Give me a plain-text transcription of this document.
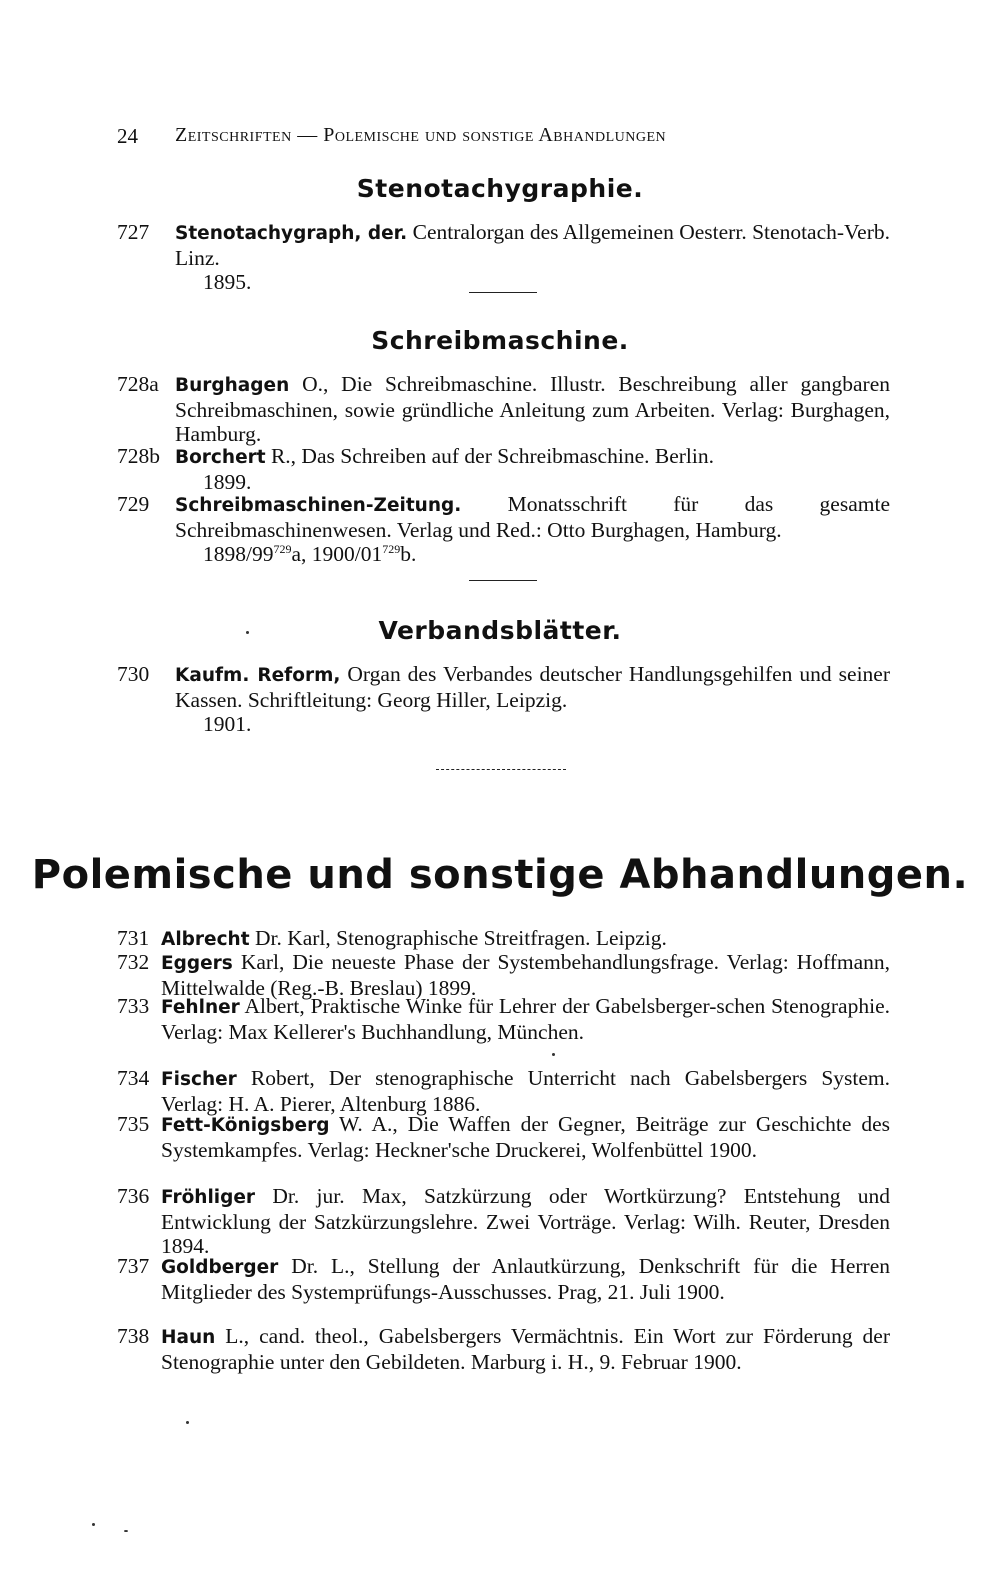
24 Zeitschriften — Polemische und sonstige Abhandlungen
Stenotachygraphie.
727	Stenotachygraph, der. Centralorgan des Allgemeinen Oesterr. Stenotach-Verb. Linz.
1895.
Schreibmaschine.
728a Burghagen O., Die Schreibmaschine. Illustr. Beschreibung aller gangbaren Schreibmaschinen, sowie gründliche Anleitung zum Arbeiten. Verlag: Burghagen, Hamburg.
728b Borchert R., Das Schreiben auf der Schreibmaschine. Berlin.
1899.
729	Schreibmaschinen-Zeitung. Monatsschrift für das gesamte Schreibmaschinenwesen. Verlag und Red.: Otto Burghagen, Hamburg.
$1898/99^{729}a$, $1900/01^{729}b$.
Verbandsblätter.
730	Kaufm. Reform, Organ des Verbandes deutscher Handlungsgehilfen und seiner Kassen. Schriftleitung: Georg Hiller, Leipzig.
1901.
Polemische und sonstige Abhandlungen.
731 Albrecht Dr. Karl, Stenographische Streitfragen. Leipzig.
732 Eggers Karl, Die neueste Phase der Systembehandlungsfrage. Verlag: Hoffmann, Mittelwalde (Reg.-B. Breslau) 1899.
733 Fehlner Albert, Praktische Winke für Lehrer der Gabelsberger-schen Stenographie. Verlag: Max Kellerer's Buchhandlung, München.
734 Fischer Robert, Der stenographische Unterricht nach Gabelsbergers System. Verlag: H. A. Pierer, Altenburg 1886.
735 Fett-Königsberg W. A., Die Waffen der Gegner, Beiträge zur Geschichte des Systemkampfes. Verlag: Heckner'sche Druckerei, Wolfenbüttel 1900.
736 Fröhliger Dr. jur. Max, Satzkürzung oder Wortkürzung? Entstehung und Entwicklung der Satzkürzungslehre. Zwei Vorträge. Verlag: Wilh. Reuter, Dresden 1894.
737 Goldberger Dr. L., Stellung der Anlautkürzung, Denkschrift für die Herren Mitglieder des Systemprüfungs-Ausschusses. Prag, 21. Juli 1900.
738 Haun L., cand. theol., Gabelsbergers Vermächtnis. Ein Wort zur Förderung der Stenographie unter den Gebildeten. Marburg i. H., 9. Februar 1900.
